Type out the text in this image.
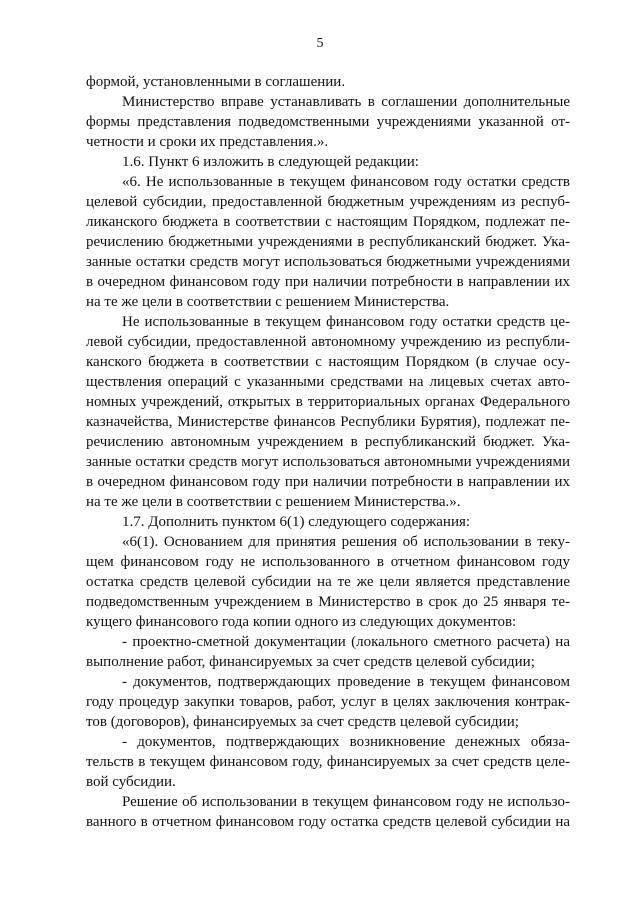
5
формой, установленными в соглашении.
Министерство вправе устанавливать в соглашении дополнительные
формы представления подведомственными учреждениями указанной от-
четности и сроки их представления.».
1.6. Пункт 6 изложить в следующей редакции:
«6. Не использованные в текущем финансовом году остатки средств
целевой субсидии, предоставленной бюджетным учреждениям из респуб-
ликанского бюджета в соответствии с настоящим Порядком, подлежат пе-
речислению бюджетными учреждениями в республиканский бюджет. Ука-
занные остатки средств могут использоваться бюджетными учреждениями
в очередном финансовом году при наличии потребности в направлении их
на те же цели в соответствии с решением Министерства.
Не использованные в текущем финансовом году остатки средств це-
левой субсидии, предоставленной автономному учреждению из республи-
канского бюджета в соответствии с настоящим Порядком (в случае осу-
ществления операций с указанными средствами на лицевых счетах авто-
номных учреждений, открытых в территориальных органах Федерального
казначейства, Министерстве финансов Республики Бурятия), подлежат пе-
речислению автономным учреждением в республиканский бюджет. Ука-
занные остатки средств могут использоваться автономными учреждениями
в очередном финансовом году при наличии потребности в направлении их
на те же цели в соответствии с решением Министерства.».
1.7. Дополнить пунктом 6(1) следующего содержания:
«6(1). Основанием для принятия решения об использовании в теку-
щем финансовом году не использованного в отчетном финансовом году
остатка средств целевой субсидии на те же цели является представление
подведомственным учреждением в Министерство в срок до 25 января те-
кущего финансового года копии одного из следующих документов:
- проектно-сметной документации (локального сметного расчета) на
выполнение работ, финансируемых за счет средств целевой субсидии;
- документов, подтверждающих проведение в текущем финансовом
году процедур закупки товаров, работ, услуг в целях заключения контрак-
тов (договоров), финансируемых за счет средств целевой субсидии;
- документов, подтверждающих возникновение денежных обяза-
тельств в текущем финансовом году, финансируемых за счет средств целе-
вой субсидии.
Решение об использовании в текущем финансовом году не использо-
ванного в отчетном финансовом году остатка средств целевой субсидии на
